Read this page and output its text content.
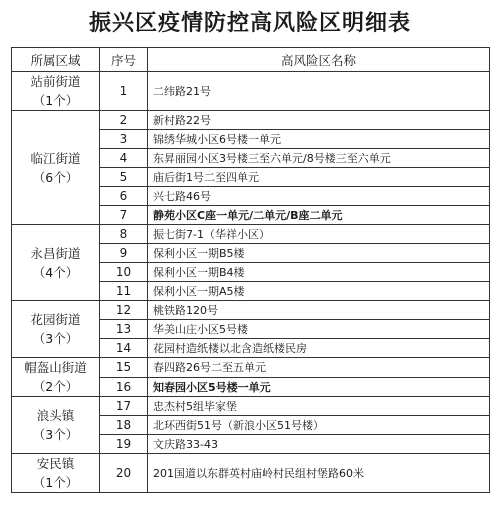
振兴区疫情防控高风险区明细表
所属区域	序号	高风险区名称

站前街道
（1个）	1	二纬路21号

临江街道
（6个）	2	新村路22号
	3	锦绣华城小区6号楼一单元
	4	东昇丽园小区3号楼三至六单元/8号楼三至六单元
	5	庙后街1号二至四单元
	6	兴七路46号
	7	静苑小区C座一单元/二单元/B座二单元

永昌街道
（4个）	8	振七街7-1（华祥小区）
	9	保利小区一期B5楼
	10	保利小区一期B4楼
	11	保利小区一期A5楼

花园街道
（3个）	12	桃铁路120号
	13	华美山庄小区5号楼
	14	花园村造纸楼以北含造纸楼民房

帽盔山街道
（2个）	15	春四路26号二至五单元
	16	知春园小区5号楼一单元

浪头镇
（3个）	17	忠杰村5组毕家堡
	18	北环西街51号（新浪小区51号楼）
	19	文庆路33-43

安民镇
（1个）	20	201国道以东群英村庙岭村民组村堡路60米
